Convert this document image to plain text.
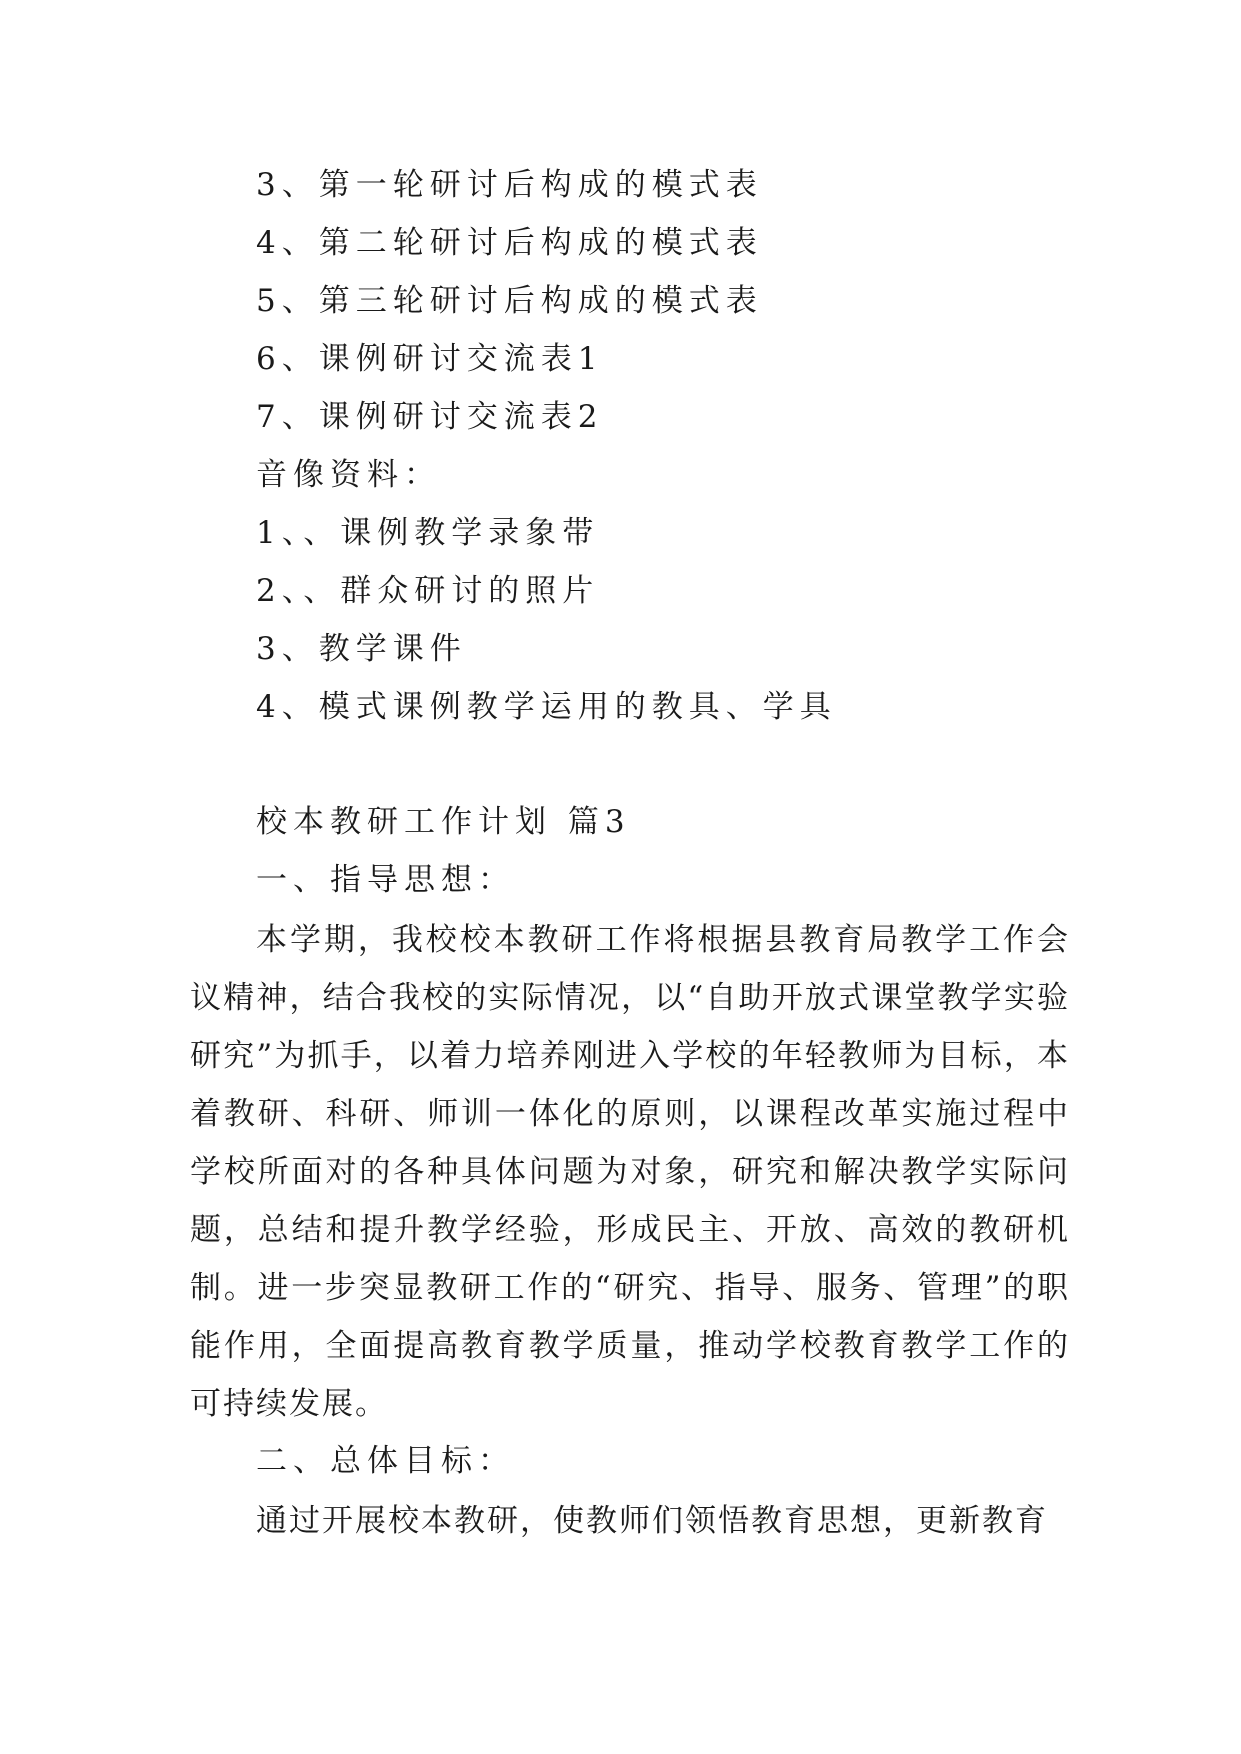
3、第一轮研讨后构成的模式表
4、第二轮研讨后构成的模式表
5、第三轮研讨后构成的模式表
6、课例研讨交流表1
7、课例研讨交流表2
音像资料：
1、、课例教学录象带
2、、群众研讨的照片
3、教学课件
4、模式课例教学运用的教具、学具
校本教研工作计划 篇3
一、指导思想：
本学期，我校校本教研工作将根据县教育局教学工作会议精神，结合我校的实际情况，以“自助开放式课堂教学实验研究”为抓手，以着力培养刚进入学校的年轻教师为目标，本着教研、科研、师训一体化的原则，以课程改革实施过程中学校所面对的各种具体问题为对象，研究和解决教学实际问题，总结和提升教学经验，形成民主、开放、高效的教研机制。进一步突显教研工作的“研究、指导、服务、管理”的职能作用，全面提高教育教学质量，推动学校教育教学工作的可持续发展。
二、总体目标：
通过开展校本教研，使教师们领悟教育思想，更新教育
